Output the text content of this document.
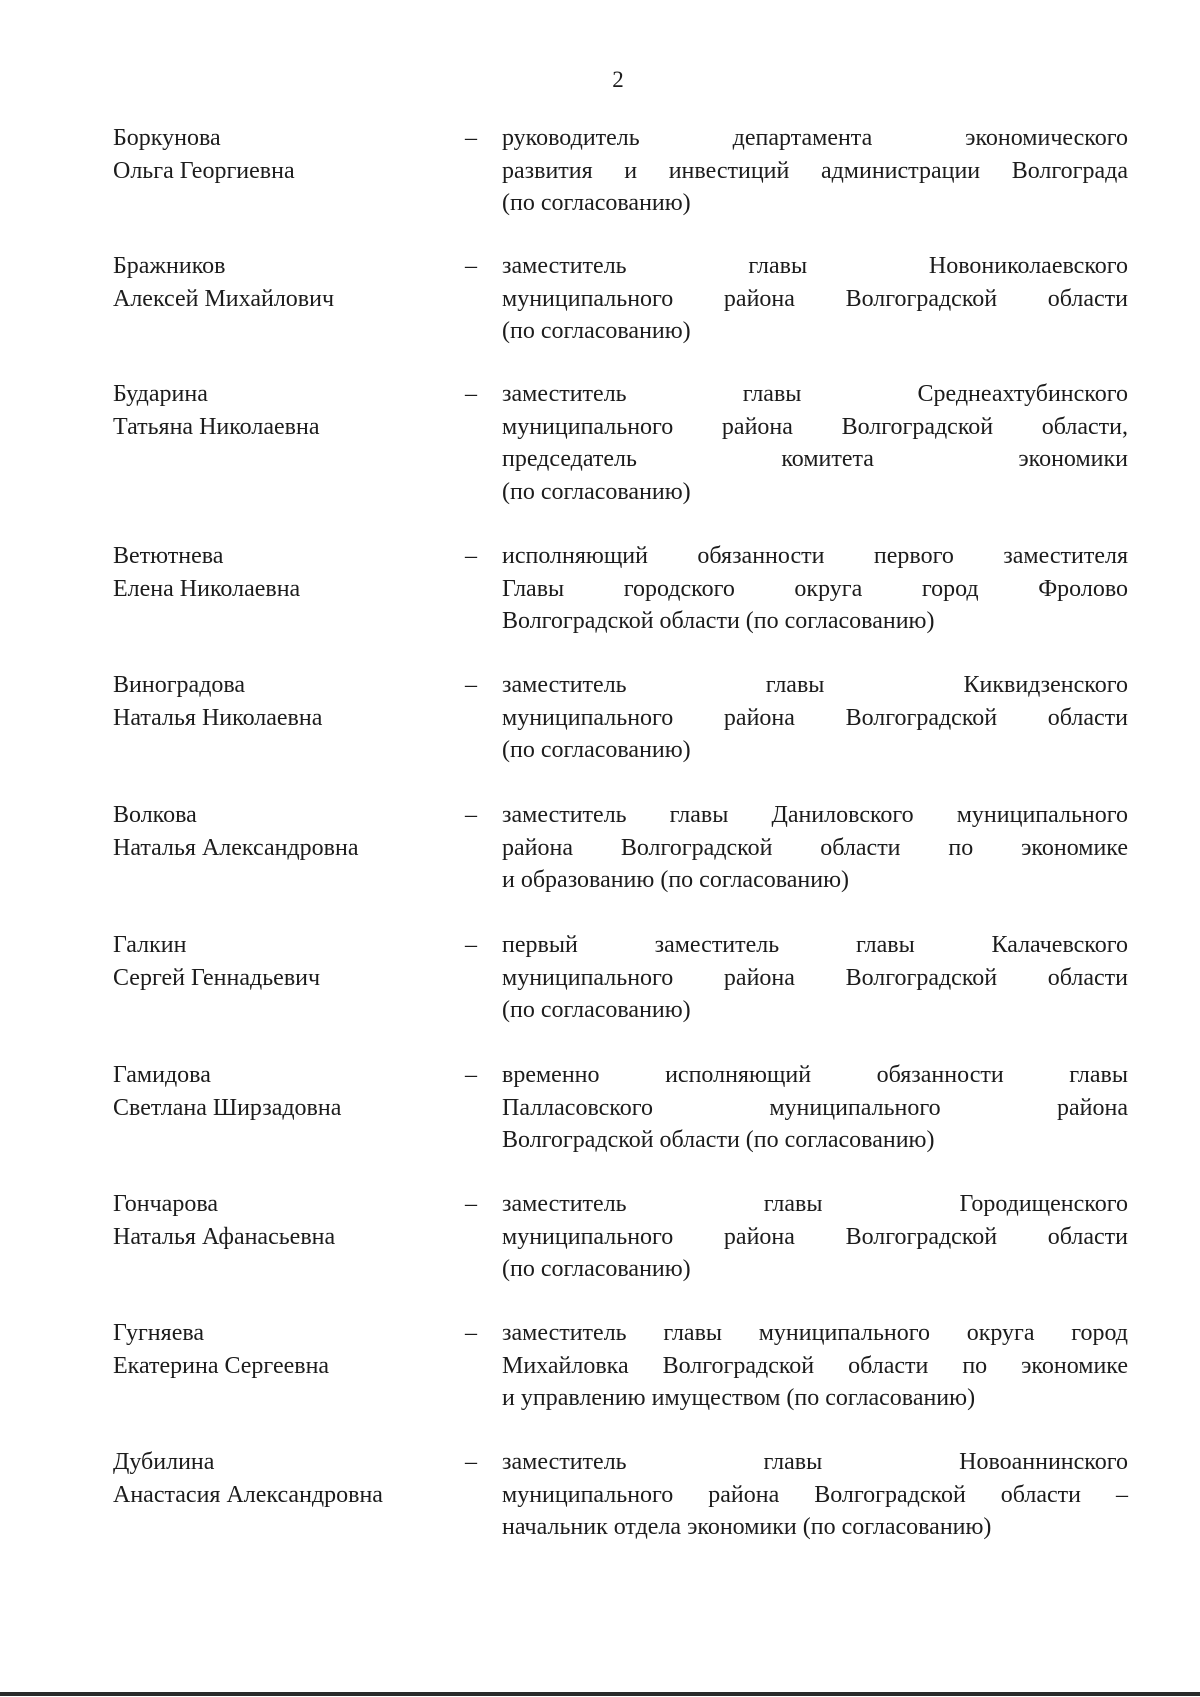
2
Боркунова
Ольга Георгиевна
– руководитель департамента экономического
развития и инвестиций администрации Волгограда
(по согласованию)
Бражников
Алексей Михайлович
– заместитель главы Новониколаевского
муниципального района Волгоградской области
(по согласованию)
Бударина
Татьяна Николаевна
– заместитель главы Среднеахтубинского
муниципального района Волгоградской области,
председатель комитета экономики
(по согласованию)
Ветютнева
Елена Николаевна
– исполняющий обязанности первого заместителя
Главы городского округа город Фролово
Волгоградской области (по согласованию)
Виноградова
Наталья Николаевна
– заместитель главы Киквидзенского
муниципального района Волгоградской области
(по согласованию)
Волкова
Наталья Александровна
– заместитель главы Даниловского муниципального
района Волгоградской области по экономике
и образованию (по согласованию)
Галкин
Сергей Геннадьевич
– первый заместитель главы Калачевского
муниципального района Волгоградской области
(по согласованию)
Гамидова
Светлана Ширзадовна
– временно исполняющий обязанности главы
Палласовского муниципального района
Волгоградской области (по согласованию)
Гончарова
Наталья Афанасьевна
– заместитель главы Городищенского
муниципального района Волгоградской области
(по согласованию)
Гугняева
Екатерина Сергеевна
– заместитель главы муниципального округа город
Михайловка Волгоградской области по экономике
и управлению имуществом (по согласованию)
Дубилина
Анастасия Александровна
– заместитель главы Новоаннинского
муниципального района Волгоградской области –
начальник отдела экономики (по согласованию)
